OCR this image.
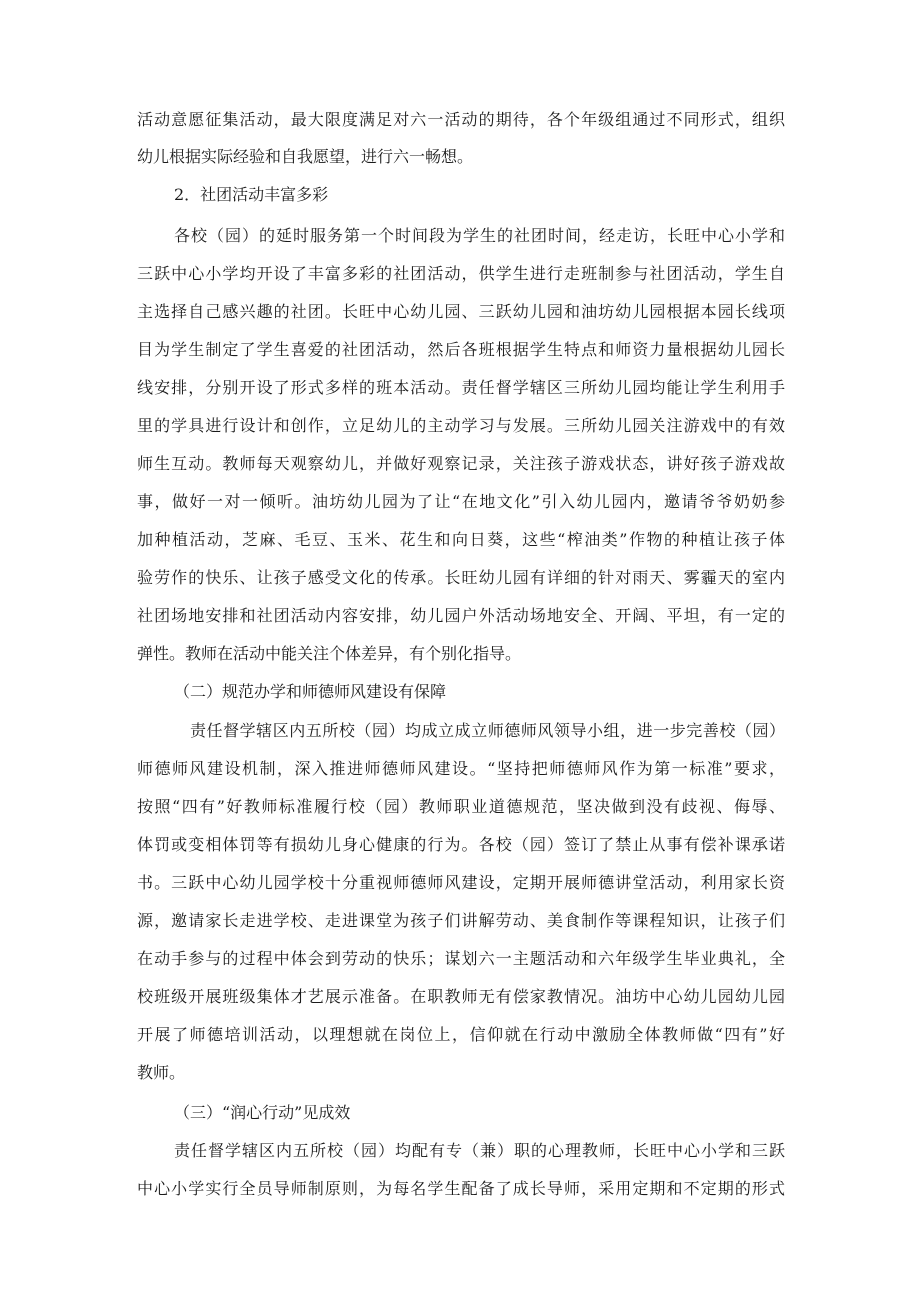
活动意愿征集活动，最大限度满足对六一活动的期待，各个年级组通过不同形式，组织
幼儿根据实际经验和自我愿望，进行六一畅想。
2．社团活动丰富多彩
各校（园）的延时服务第一个时间段为学生的社团时间，经走访，长旺中心小学和
三跃中心小学均开设了丰富多彩的社团活动，供学生进行走班制参与社团活动，学生自
主选择自己感兴趣的社团。长旺中心幼儿园、三跃幼儿园和油坊幼儿园根据本园长线项
目为学生制定了学生喜爱的社团活动，然后各班根据学生特点和师资力量根据幼儿园长
线安排，分别开设了形式多样的班本活动。责任督学辖区三所幼儿园均能让学生利用手
里的学具进行设计和创作，立足幼儿的主动学习与发展。三所幼儿园关注游戏中的有效
师生互动。教师每天观察幼儿，并做好观察记录，关注孩子游戏状态，讲好孩子游戏故
事，做好一对一倾听。油坊幼儿园为了让“在地文化”引入幼儿园内，邀请爷爷奶奶参
加种植活动，芝麻、毛豆、玉米、花生和向日葵，这些“榨油类”作物的种植让孩子体
验劳作的快乐、让孩子感受文化的传承。长旺幼儿园有详细的针对雨天、雾霾天的室内
社团场地安排和社团活动内容安排，幼儿园户外活动场地安全、开阔、平坦，有一定的
弹性。教师在活动中能关注个体差异，有个别化指导。
（二）规范办学和师德师风建设有保障
责任督学辖区内五所校（园）均成立成立师德师风领导小组，进一步完善校（园）
师德师风建设机制，深入推进师德师风建设。“坚持把师德师风作为第一标准”要求，
按照“四有”好教师标准履行校（园）教师职业道德规范，坚决做到没有歧视、侮辱、
体罚或变相体罚等有损幼儿身心健康的行为。各校（园）签订了禁止从事有偿补课承诺
书。三跃中心幼儿园学校十分重视师德师风建设，定期开展师德讲堂活动，利用家长资
源，邀请家长走进学校、走进课堂为孩子们讲解劳动、美食制作等课程知识，让孩子们
在动手参与的过程中体会到劳动的快乐；谋划六一主题活动和六年级学生毕业典礼，全
校班级开展班级集体才艺展示准备。在职教师无有偿家教情况。油坊中心幼儿园幼儿园
开展了师德培训活动，以理想就在岗位上，信仰就在行动中激励全体教师做“四有”好
教师。
（三）“润心行动”见成效
责任督学辖区内五所校（园）均配有专（兼）职的心理教师，长旺中心小学和三跃
中心小学实行全员导师制原则，为每名学生配备了成长导师，采用定期和不定期的形式
